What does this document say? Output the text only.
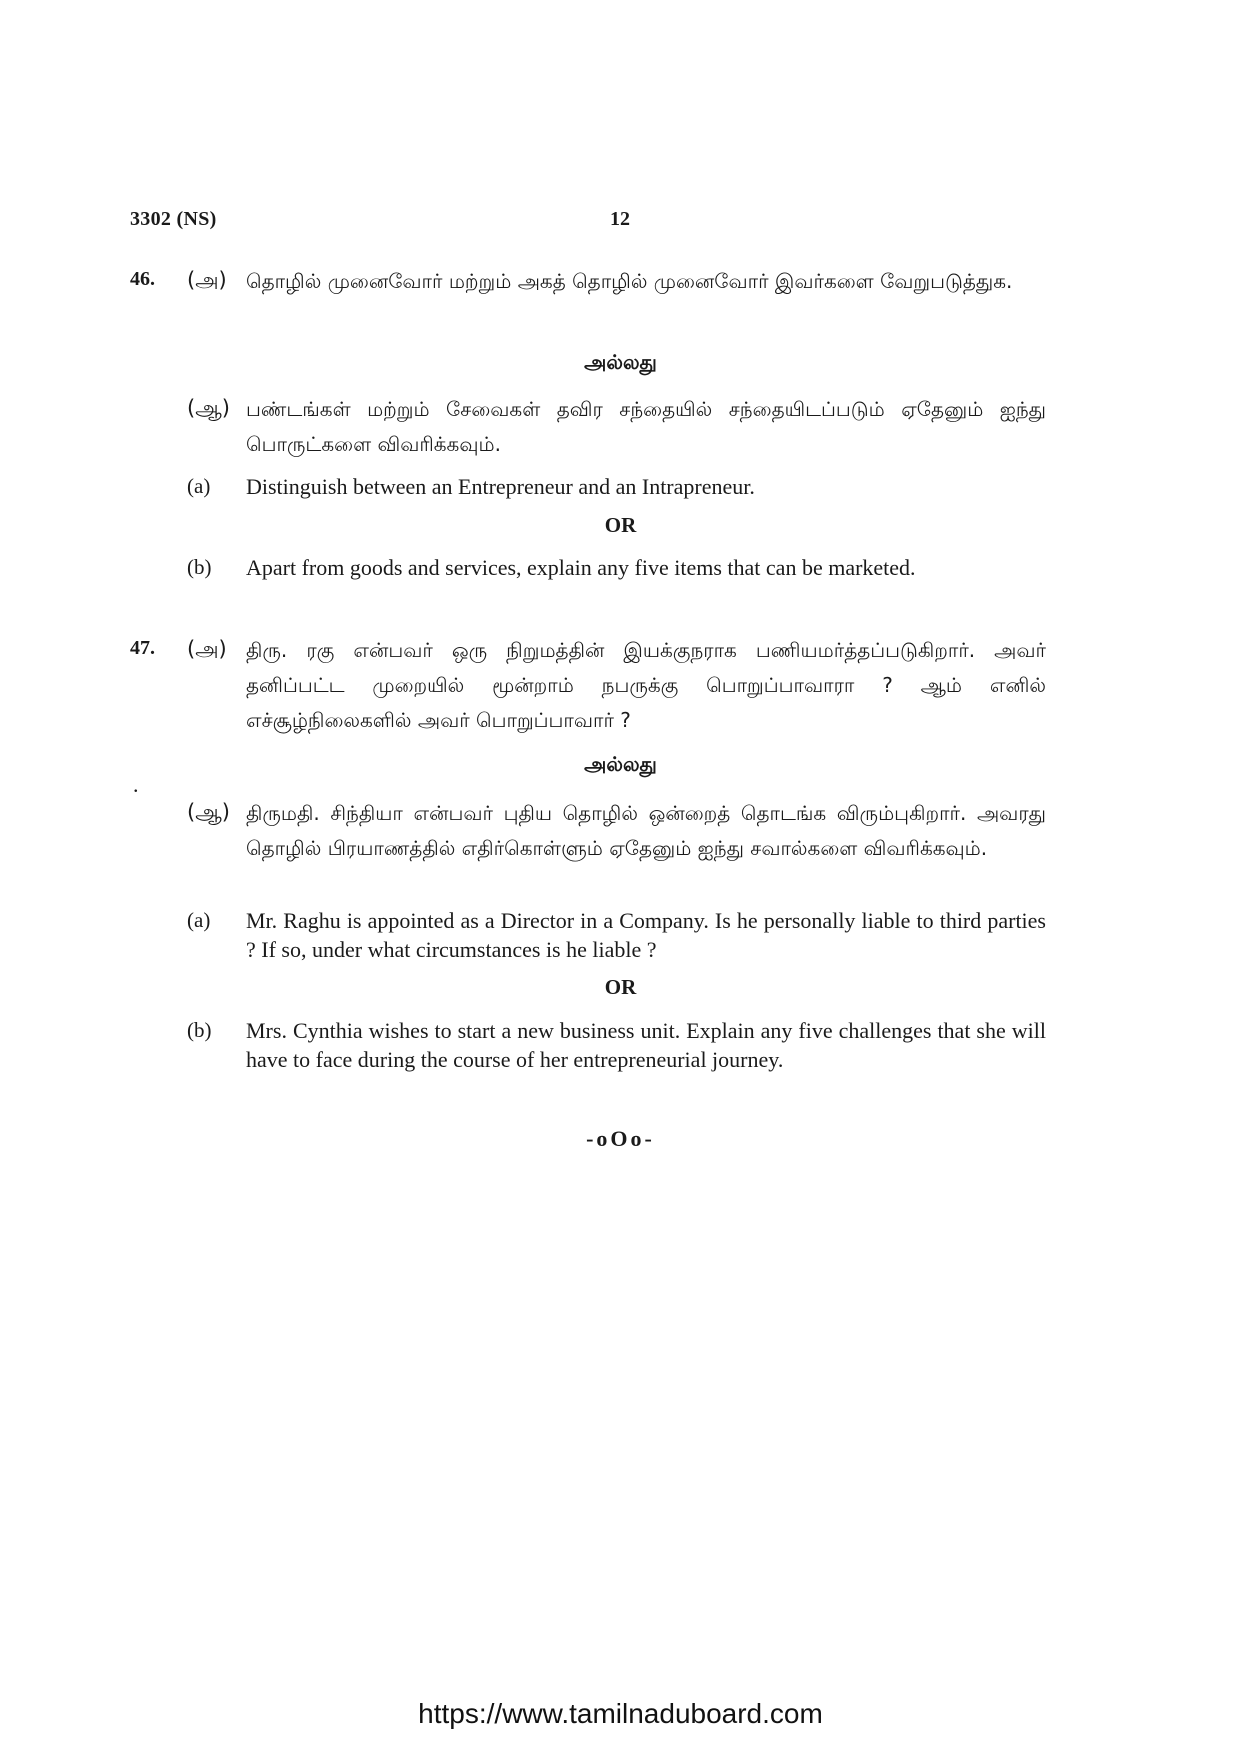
3302 (NS)	12
46. (அ) தொழில் முனைவோர் மற்றும் அகத் தொழில் முனைவோர் இவர்களை வேறுபடுத்துக.
அல்லது
(ஆ) பண்டங்கள் மற்றும் சேவைகள் தவிர சந்தையில் சந்தையிடப்படும் ஏதேனும் ஐந்து பொருட்களை விவரிக்கவும்.
(a) Distinguish between an Entrepreneur and an Intrapreneur.
OR
(b) Apart from goods and services, explain any five items that can be marketed.
47. (அ) திரு. ரகு என்பவர் ஒரு நிறுமத்தின் இயக்குநராக பணியமர்த்தப்படுகிறார். அவர் தனிப்பட்ட முறையில் மூன்றாம் நபருக்கு பொறுப்பாவாரா ? ஆம் எனில் எச்சூழ்நிலைகளில் அவர் பொறுப்பாவார் ?
அல்லது
.
(ஆ) திருமதி. சிந்தியா என்பவர் புதிய தொழில் ஒன்றைத் தொடங்க விரும்புகிறார். அவரது தொழில் பிரயாணத்தில் எதிர்கொள்ளும் ஏதேனும் ஐந்து சவால்களை விவரிக்கவும்.
(a) Mr. Raghu is appointed as a Director in a Company. Is he personally liable to third parties ? If so, under what circumstances is he liable ?
OR
(b) Mrs. Cynthia wishes to start a new business unit. Explain any five challenges that she will have to face during the course of her entrepreneurial journey.
-oOo-
https://www.tamilnaduboard.com
